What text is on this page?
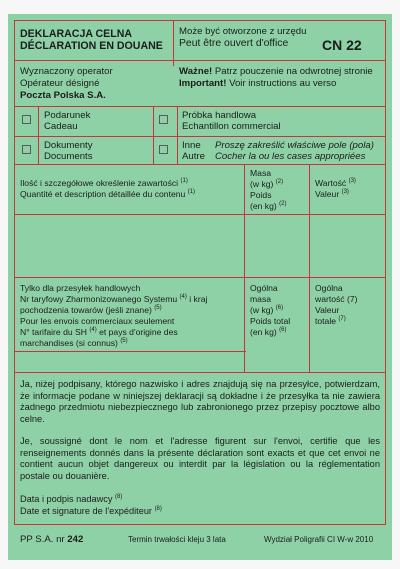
DEKLARACJA CELNA
DÉCLARATION EN DOUANE
Może być otworzone z urzędu
Peut être ouvert d'office CN 22
Wyznaczony operator
Opérateur désigné
Poczta Polska S.A.
Ważne! Patrz pouczenie na odwrotnej stronie
Important! Voir instructions au verso
Podarunek
Cadeau
Dokumenty
Documents
Próbka handlowa
Echantillon commercial
Inne
Autre
Proszę zakreślić właściwe pole (pola)
Cocher la ou les cases appropriées
Ilość i szczegółowe określenie zawartości $^{(1)}$
Quantité et description détaillée du contenu $^{(1)}$
Masa
(w kg) $^{(2)}$
Poids
(en kg) $^{(2)}$
Wartość $^{(3)}$
Valeur $^{(3)}$
Tylko dla przesyłek handlowych
Nr taryfowy Zharmonizowanego Systemu $^{(4)}$ i kraj
pochodzenia towarów (jeśli znane) $^{(5)}$
Pour les envois commerciaux seulement
N° tarifaire du SH $^{(4)}$ et pays d'origine des
marchandises (si connus) $^{(5)}$
Ogólna
masa
(w kg) $^{(6)}$
Poids total
(en kg) $^{(6)}$
Ogólna
wartość (7)
Valeur
totale $^{(7)}$
Ja, niżej podpisany, którego nazwisko i adres znajdują się na przesyłce, potwierdzam, że informacje podane w niniejszej deklaracji są dokładne i że przesyłka ta nie zawiera żadnego przedmiotu niebezpiecznego lub zabronionego przez przepisy pocztowe albo celne.
Je, soussigné dont le nom et l'adresse figurent sur l'envoi, certifie que les renseignements donnés dans la présente déclaration sont exacts et que cet envoi ne contient aucun objet dangereux ou interdit par la législation ou la réglementation postale ou douanière.
Data i podpis nadawcy $^{(8)}$
Date et signature de l'expéditeur $^{(8)}$
PP S.A. nr 242	Termin trwałości kleju 3 lata	Wydział Poligrafii CI W-w 2010
